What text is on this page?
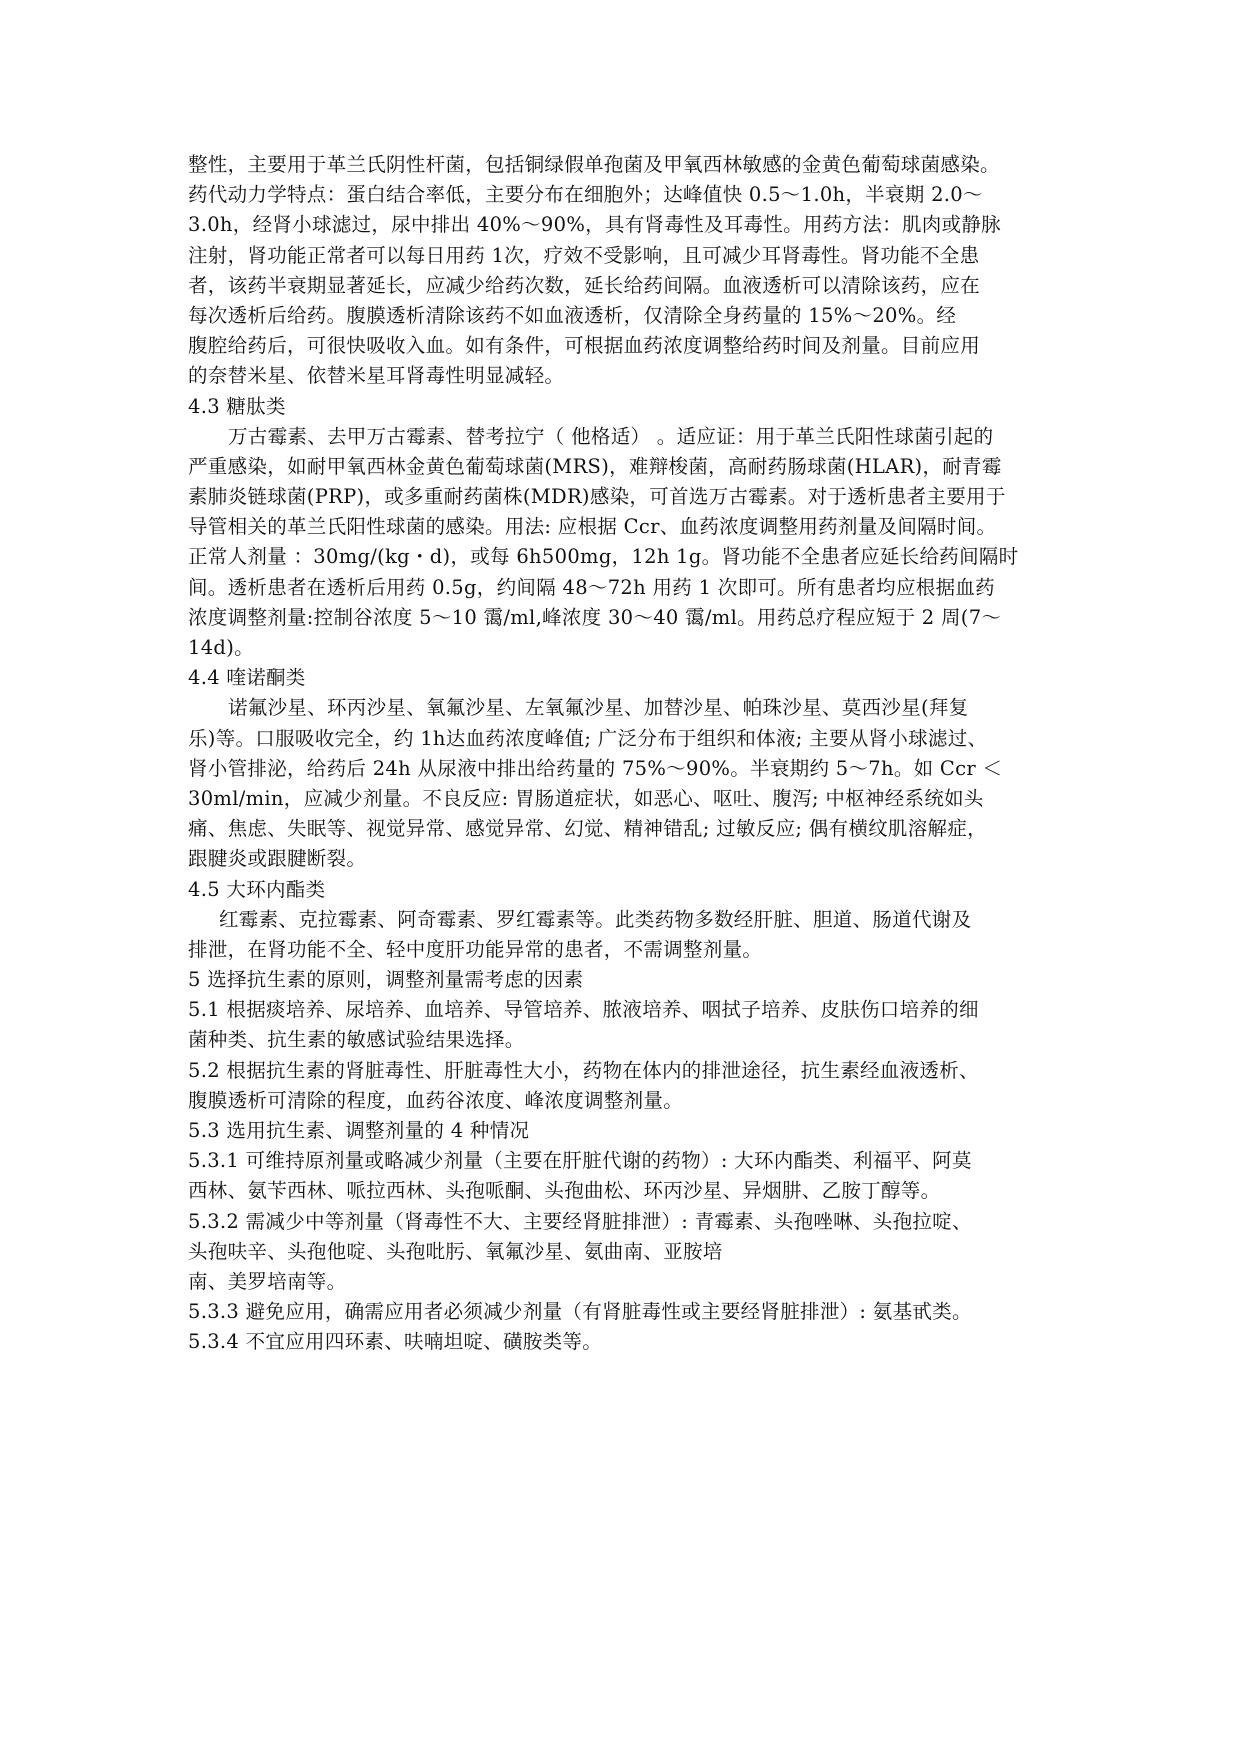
整性，主要用于革兰氏阴性杆菌，包括铜绿假单孢菌及甲氧西林敏感的金黄色葡萄球菌感染。
药代动力学特点：蛋白结合率低，主要分布在细胞外；达峰值快 0.5～1.0h，半衰期 2.0～
3.0h，经肾小球滤过，尿中排出 40%～90%，具有肾毒性及耳毒性。用药方法：肌肉或静脉
注射，肾功能正常者可以每日用药 1次，疗效不受影响，且可减少耳肾毒性。肾功能不全患
者，该药半衰期显著延长，应减少给药次数，延长给药间隔。血液透析可以清除该药，应在
每次透析后给药。腹膜透析清除该药不如血液透析，仅清除全身药量的 15%～20%。经
腹腔给药后，可很快吸收入血。如有条件，可根据血药浓度调整给药时间及剂量。目前应用
的奈替米星、依替米星耳肾毒性明显减轻。
4.3 糖肽类
万古霉素、去甲万古霉素、替考拉宁（ 他格适） 。适应证：用于革兰氏阳性球菌引起的
严重感染，如耐甲氧西林金黄色葡萄球菌(MRS)，难辩梭菌，高耐药肠球菌(HLAR)，耐青霉
素肺炎链球菌(PRP)，或多重耐药菌株(MDR)感染，可首选万古霉素。对于透析患者主要用于
导管相关的革兰氏阳性球菌的感染。用法: 应根据 Ccr、血药浓度调整用药剂量及间隔时间。
正常人剂量 ：30mg/(kg・d)，或每 6h500mg，12h 1g。肾功能不全患者应延长给药间隔时
间。透析患者在透析后用药 0.5g，约间隔 48～72h 用药 1 次即可。所有患者均应根据血药
浓度调整剂量:控制谷浓度 5～10 霭/ml,峰浓度 30～40 霭/ml。用药总疗程应短于 2 周(7～
14d)。
4.4 喹诺酮类
诺氟沙星、环丙沙星、氧氟沙星、左氧氟沙星、加替沙星、帕珠沙星、莫西沙星(拜复
乐)等。口服吸收完全，约 1h达血药浓度峰值; 广泛分布于组织和体液; 主要从肾小球滤过、
肾小管排泌，给药后 24h 从尿液中排出给药量的 75%～90%。半衰期约 5～7h。如 Ccr ＜
30ml/min，应减少剂量。不良反应: 胃肠道症状，如恶心、呕吐、腹泻; 中枢神经系统如头
痛、焦虑、失眠等、视觉异常、感觉异常、幻觉、精神错乱; 过敏反应; 偶有横纹肌溶解症，
跟腱炎或跟腱断裂。
4.5 大环内酯类
红霉素、克拉霉素、阿奇霉素、罗红霉素等。此类药物多数经肝脏、胆道、肠道代谢及
排泄，在肾功能不全、轻中度肝功能异常的患者，不需调整剂量。
5 选择抗生素的原则，调整剂量需考虑的因素
5.1 根据痰培养、尿培养、血培养、导管培养、脓液培养、咽拭子培养、皮肤伤口培养的细
菌种类、抗生素的敏感试验结果选择。
5.2 根据抗生素的肾脏毒性、肝脏毒性大小，药物在体内的排泄途径，抗生素经血液透析、
腹膜透析可清除的程度，血药谷浓度、峰浓度调整剂量。
5.3 选用抗生素、调整剂量的 4 种情况
5.3.1 可维持原剂量或略减少剂量（主要在肝脏代谢的药物）: 大环内酯类、利福平、阿莫
西林、氨苄西林、哌拉西林、头孢哌酮、头孢曲松、环丙沙星、异烟肼、乙胺丁醇等。
5.3.2 需减少中等剂量（肾毒性不大、主要经肾脏排泄）: 青霉素、头孢唑啉、头孢拉啶、
头孢呋辛、头孢他啶、头孢吡肟、氧氟沙星、氨曲南、亚胺培
南、美罗培南等。
5.3.3 避免应用，确需应用者必须减少剂量（有肾脏毒性或主要经肾脏排泄）: 氨基甙类。
5.3.4 不宜应用四环素、呋喃坦啶、磺胺类等。
